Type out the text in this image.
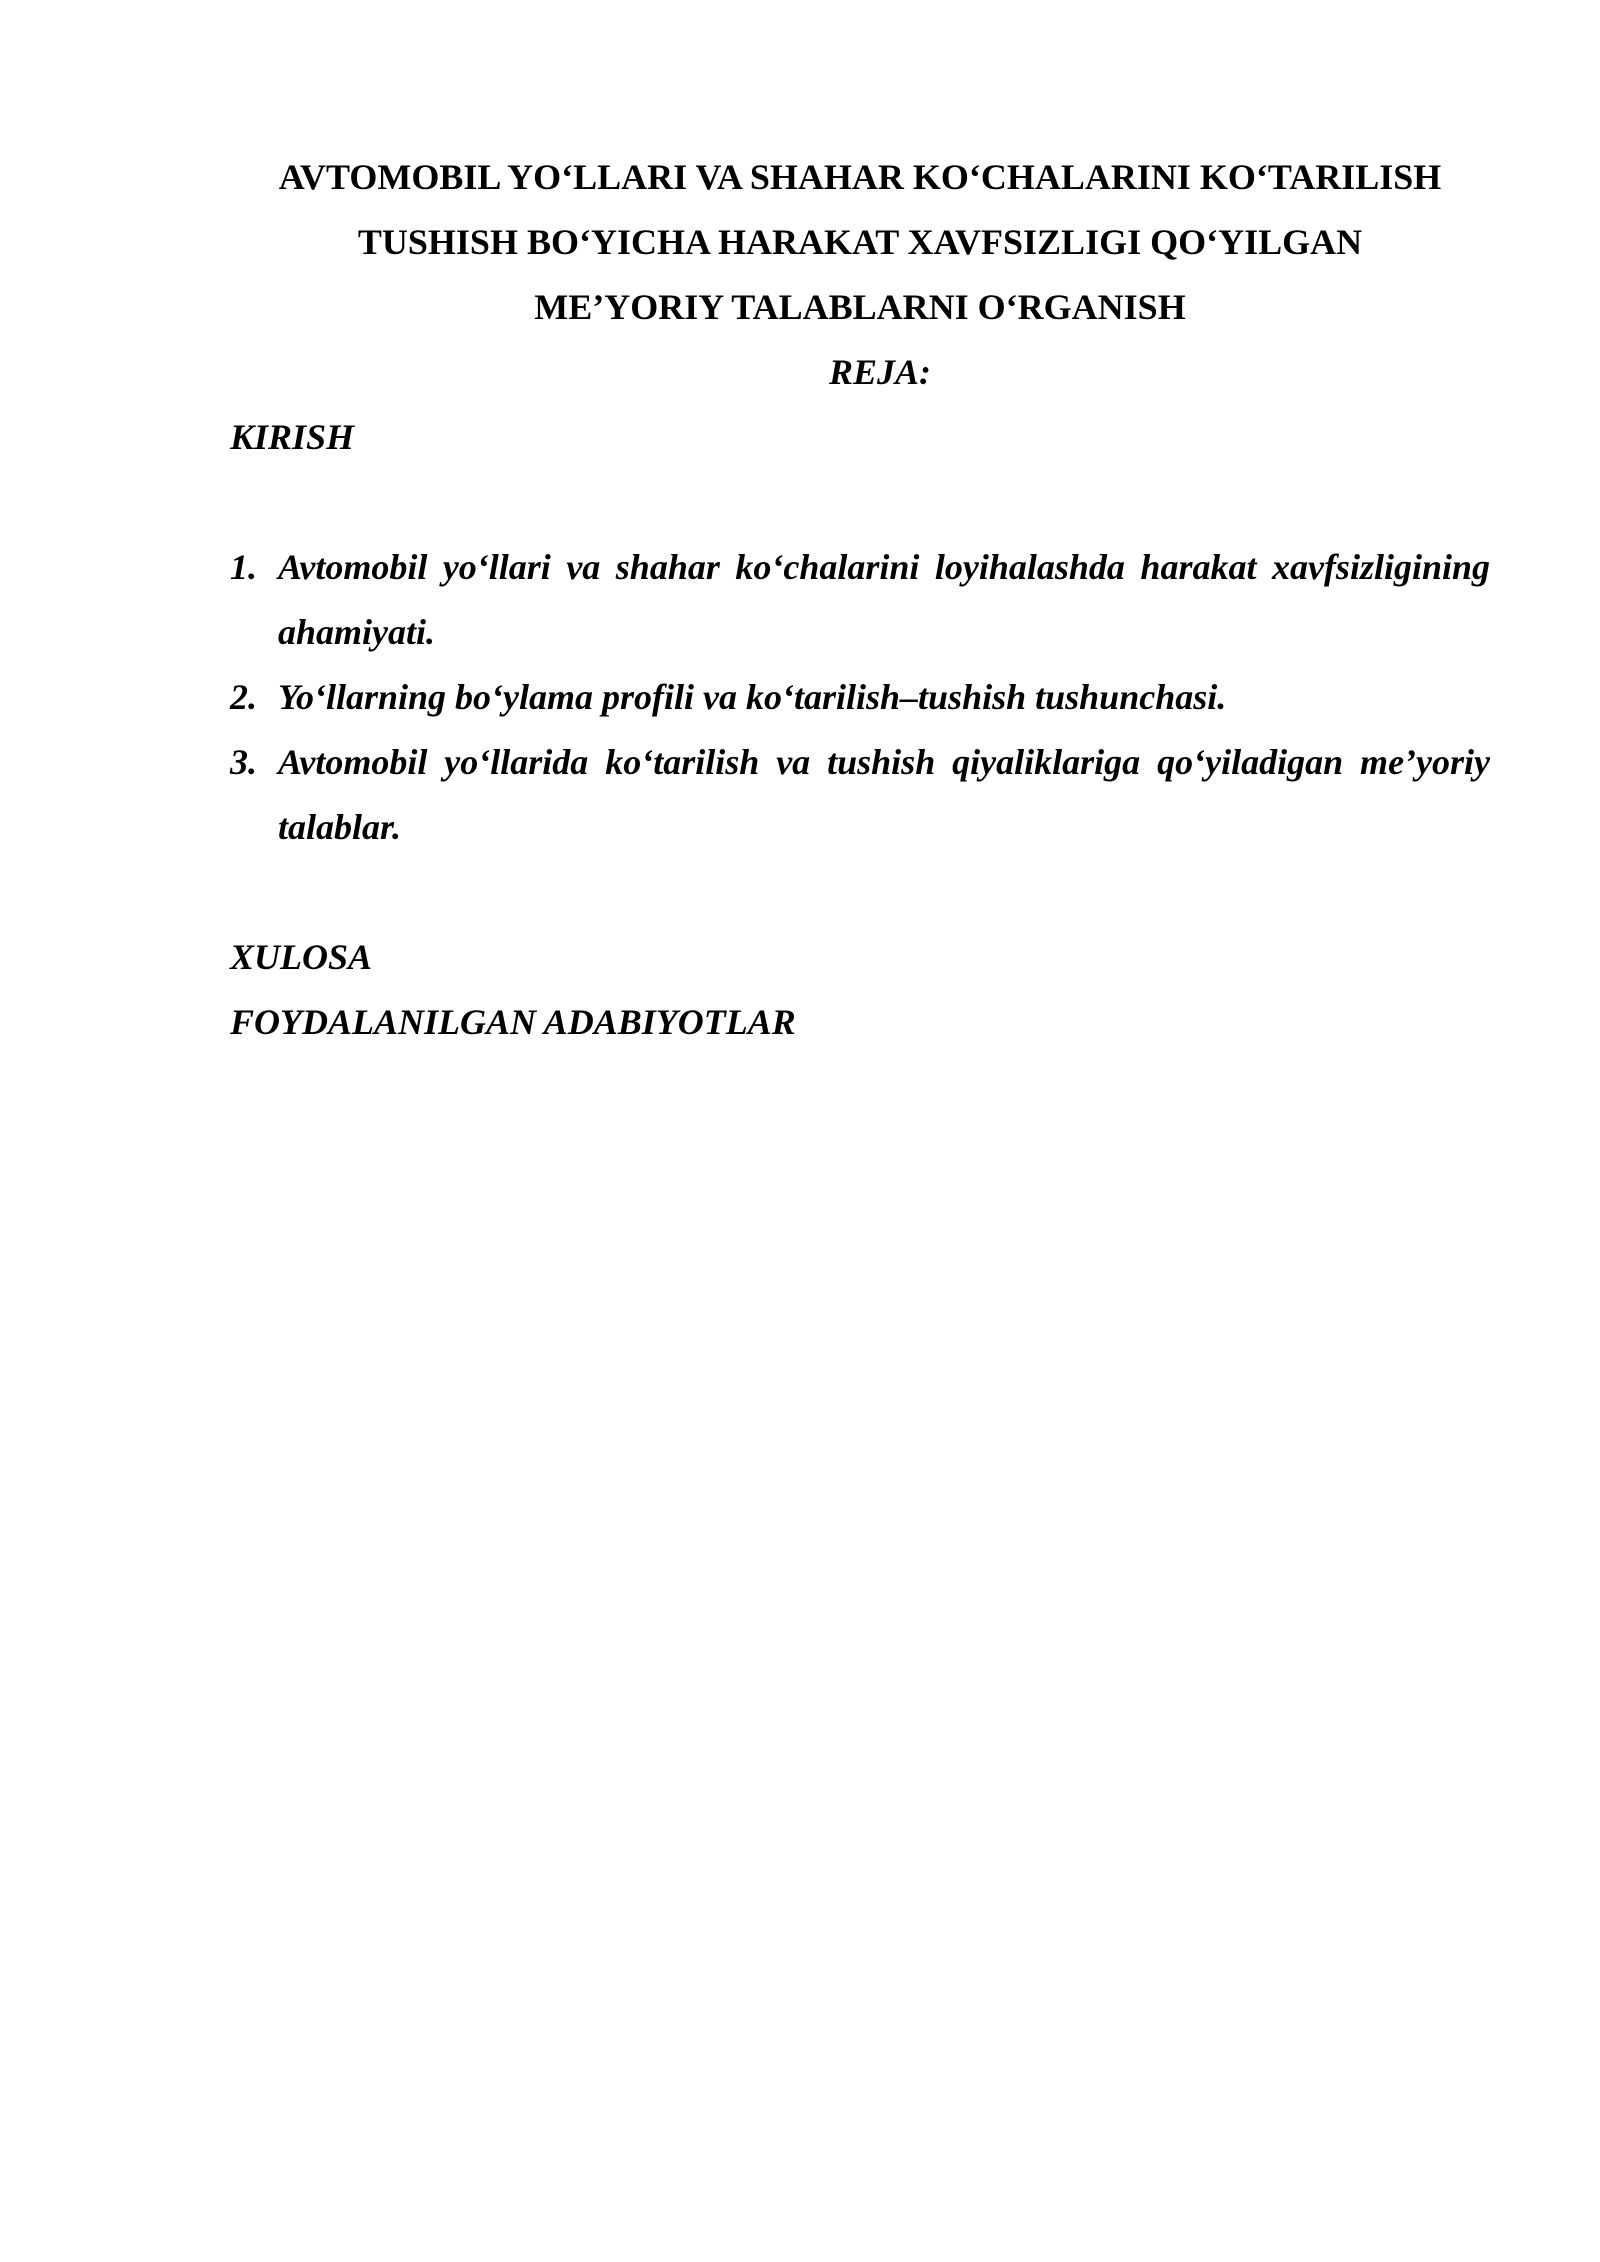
AVTOMOBIL YO‘LLARI VA SHAHAR KO‘CHALARINI KO‘TARILISH
TUSHISH BO‘YICHA HARAKAT XAVFSIZLIGI QO‘YILGAN
ME’YORIY TALABLARNI O‘RGANISH

REJA:

KIRISH

1. Avtomobil yo‘llari va shahar ko‘chalarini loyihalashda harakat xavfsizligining ahamiyati.
2. Yo‘llarning bo‘ylama profili va ko‘tarilish–tushish tushunchasi.
3. Avtomobil yo‘llarida ko‘tarilish va tushish qiyaliklariga qo‘yiladigan me’yoriy talablar.

XULOSA

FOYDALANILGAN ADABIYOTLAR
